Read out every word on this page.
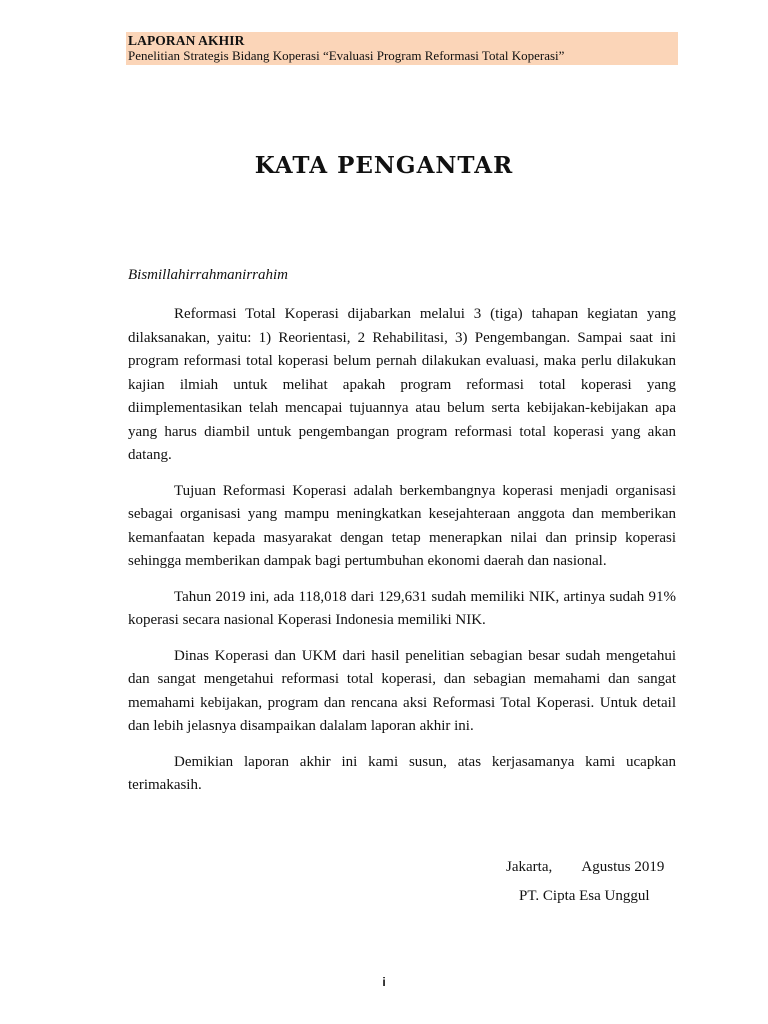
LAPORAN AKHIR
Penelitian Strategis Bidang Koperasi “Evaluasi Program Reformasi Total Koperasi”
KATA PENGANTAR
Bismillahirrahmanirrahim

Reformasi Total Koperasi dijabarkan melalui 3 (tiga) tahapan kegiatan yang dilaksanakan, yaitu: 1) Reorientasi, 2 Rehabilitasi, 3) Pengembangan. Sampai saat ini program reformasi total koperasi belum pernah dilakukan evaluasi, maka perlu dilakukan kajian ilmiah untuk melihat apakah program reformasi total koperasi yang diimplementasikan telah mencapai tujuannya atau belum serta kebijakan-kebijakan apa yang harus diambil untuk pengembangan program reformasi total koperasi yang akan datang.

Tujuan Reformasi Koperasi adalah berkembangnya koperasi menjadi organisasi sebagai organisasi yang mampu meningkatkan kesejahteraan anggota dan memberikan kemanfaatan kepada masyarakat dengan tetap menerapkan nilai dan prinsip koperasi sehingga memberikan dampak bagi pertumbuhan ekonomi daerah dan nasional.

Tahun 2019 ini, ada 118,018 dari 129,631 sudah memiliki NIK, artinya sudah 91% koperasi secara nasional Koperasi Indonesia memiliki NIK.

Dinas Koperasi dan UKM dari hasil penelitian sebagian besar sudah mengetahui dan sangat mengetahui reformasi total koperasi, dan sebagian memahami dan sangat memahami kebijakan, program dan rencana aksi Reformasi Total Koperasi. Untuk detail dan lebih jelasnya disampaikan dalalam laporan akhir ini.

Demikian laporan akhir ini kami susun, atas kerjasamanya kami ucapkan terimakasih.

Jakarta,        Agustus 2019
PT. Cipta Esa Unggul
i
